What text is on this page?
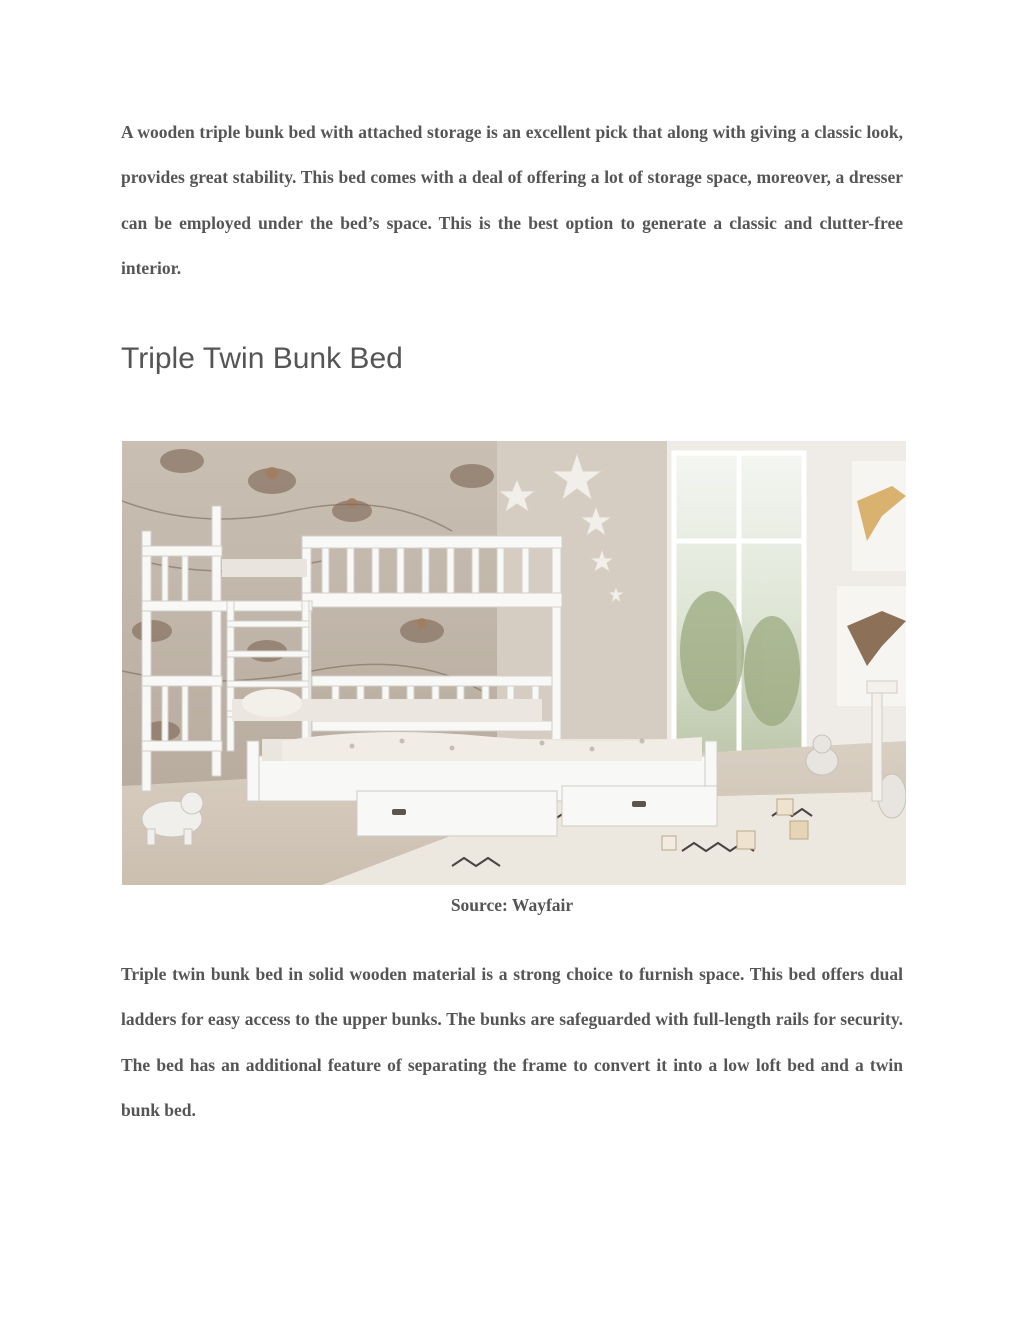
A wooden triple bunk bed with attached storage is an excellent pick that along with giving a classic look, provides great stability. This bed comes with a deal of offering a lot of storage space, moreover, a dresser can be employed under the bed’s space. This is the best option to generate a classic and clutter-free interior.

Triple Twin Bunk Bed

Source: Wayfair

Triple twin bunk bed in solid wooden material is a strong choice to furnish space. This bed offers dual ladders for easy access to the upper bunks. The bunks are safeguarded with full-length rails for security. The bed has an additional feature of separating the frame to convert it into a low loft bed and a twin bunk bed.
